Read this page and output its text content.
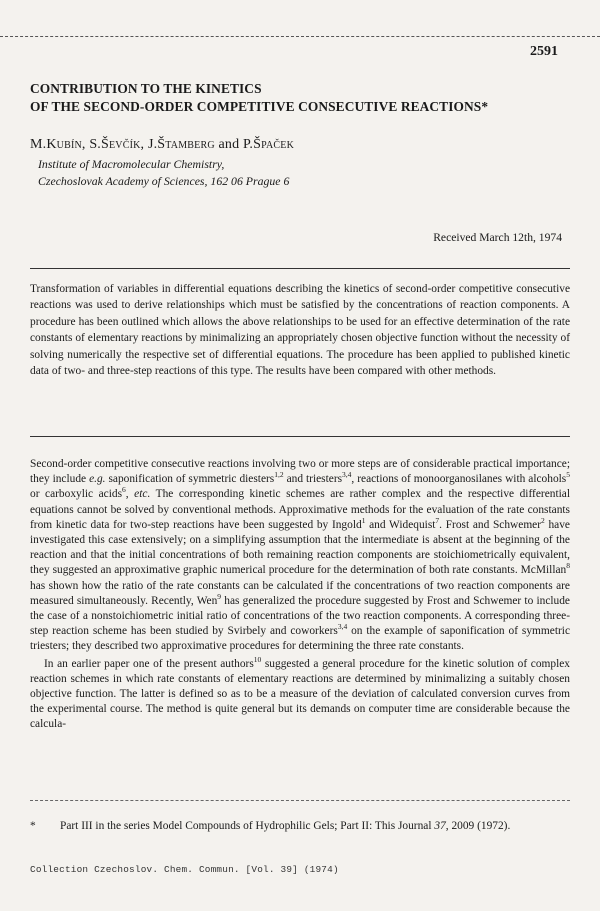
2591
CONTRIBUTION TO THE KINETICS
OF THE SECOND-ORDER COMPETITIVE CONSECUTIVE REACTIONS*
M.Kubín, S.Ševčík, J.Štamberg and P.Špaček
Institute of Macromolecular Chemistry,
Czechoslovak Academy of Sciences, 162 06 Prague 6
Received March 12th, 1974
Transformation of variables in differential equations describing the kinetics of second-order competitive consecutive reactions was used to derive relationships which must be satisfied by the concentrations of reaction components. A procedure has been outlined which allows the above relationships to be used for an effective determination of the rate constants of elementary reactions by minimalizing an appropriately chosen objective function without the necessity of solving numerically the respective set of differential equations. The procedure has been applied to published kinetic data of two- and three-step reactions of this type. The results have been compared with other methods.

Second-order competitive consecutive reactions involving two or more steps are of considerable practical importance; they include e.g. saponification of symmetric diesters$^{1,2}$ and triesters$^{3,4}$, reactions of monoorganosilanes with alcohols$^5$ or carboxylic acids$^6$, etc. The corresponding kinetic schemes are rather complex and the respective differential equations cannot be solved by conventional methods. Approximative methods for the evaluation of the rate constants from kinetic data for two-step reactions have been suggested by Ingold$^1$ and Widequist$^7$. Frost and Schwemer$^2$ have investigated this case extensively; on a simplifying assumption that the intermediate is absent at the beginning of the reaction and that the initial concentrations of both remaining reaction components are stoichiometrically equivalent, they suggested an approximative graphic numerical procedure for the determination of both rate constants. McMillan$^8$ has shown how the ratio of the rate constants can be calculated if the concentrations of two reaction components are measured simultaneously. Recently, Wen$^9$ has generalized the procedure suggested by Frost and Schwemer to include the case of a nonstoichiometric initial ratio of concentrations of the two reaction components. A corresponding three-step reaction scheme has been studied by Svirbely and coworkers$^{3,4}$ on the example of saponification of symmetric triesters; they described two approximative procedures for determining the three rate constants.

In an earlier paper one of the present authors$^{10}$ suggested a general procedure for the kinetic solution of complex reaction schemes in which rate constants of elementary reactions are determined by minimalizing a suitably chosen objective function. The latter is defined so as to be a measure of the deviation of calculated conversion curves from the experimental course. The method is quite general but its demands on computer time are considerable because the calcula-

* Part III in the series Model Compounds of Hydrophilic Gels; Part II: This Journal 37, 2009 (1972).
Collection Czechoslov. Chem. Commun. [Vol. 39] (1974)
